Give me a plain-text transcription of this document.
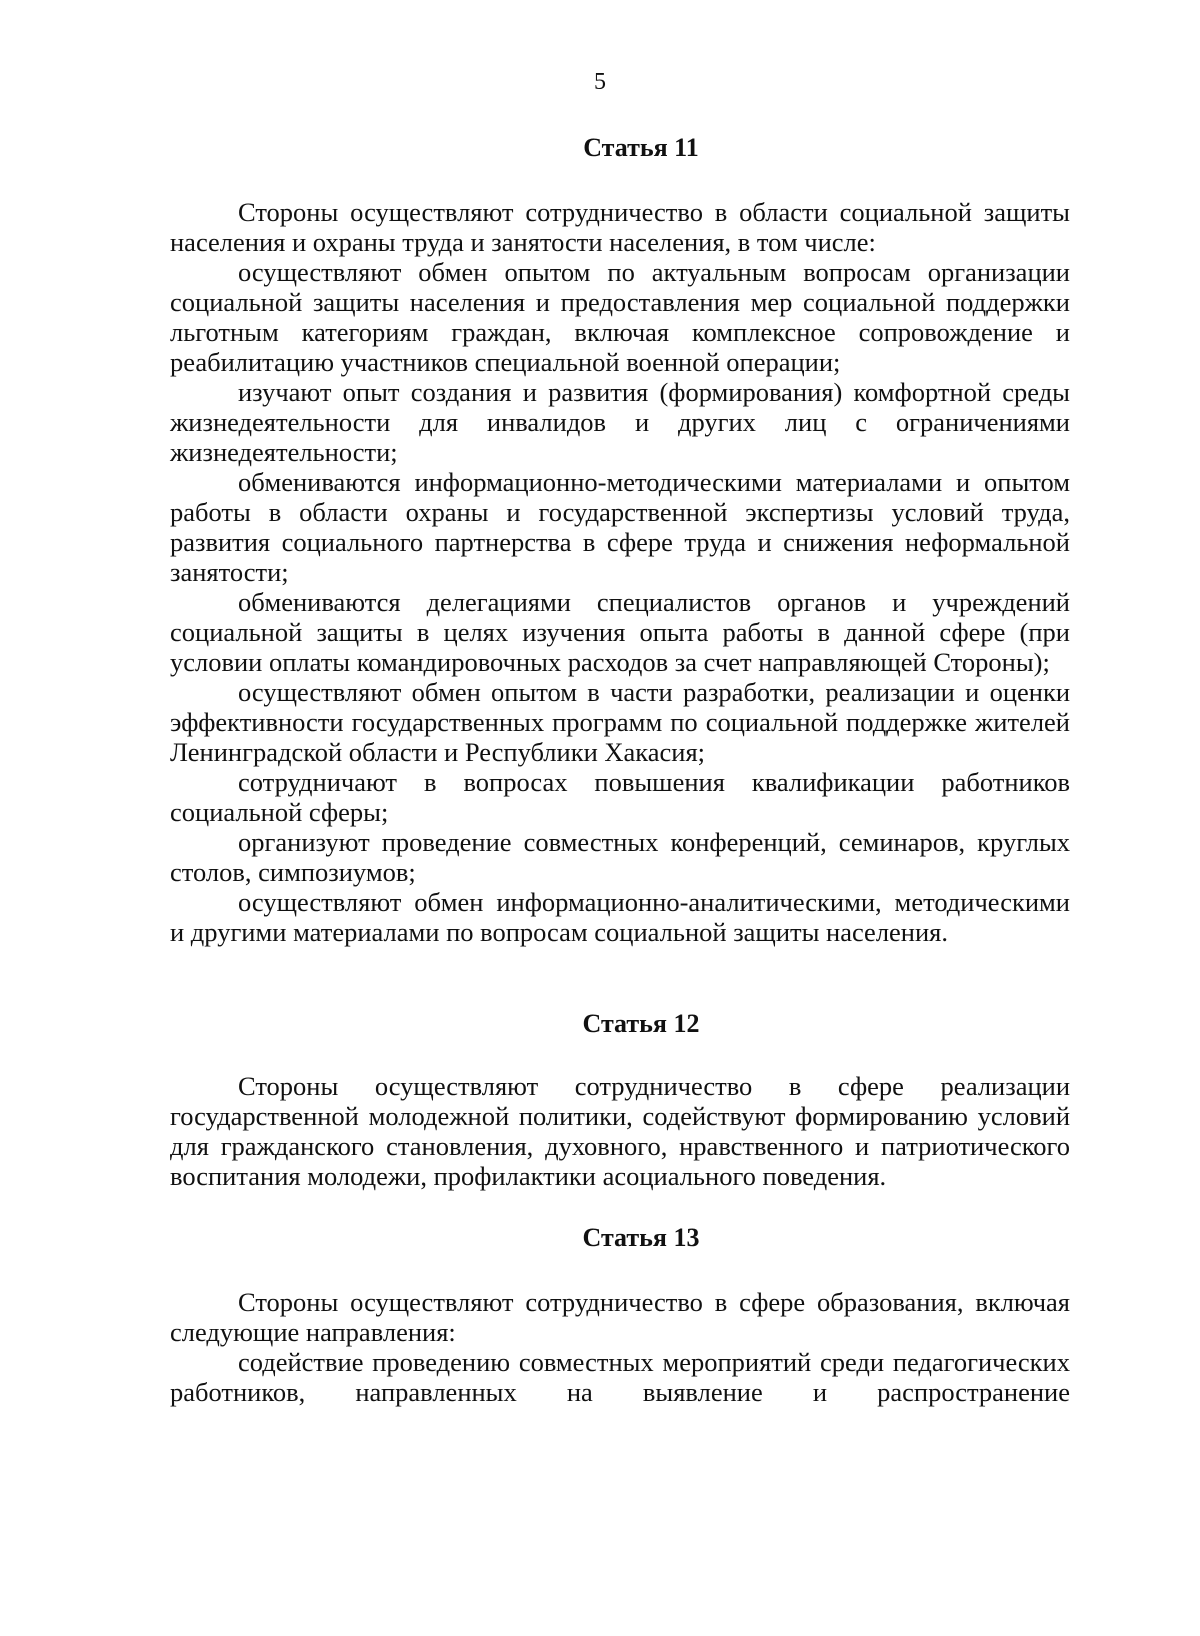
5
Статья 11

Стороны осуществляют сотрудничество в области социальной защиты населения и охраны труда и занятости населения, в том числе:

осуществляют обмен опытом по актуальным вопросам организации социальной защиты населения и предоставления мер социальной поддержки льготным категориям граждан, включая комплексное сопровождение и реабилитацию участников специальной военной операции;

изучают опыт создания и развития (формирования) комфортной среды жизнедеятельности для инвалидов и других лиц с ограничениями жизнедеятельности;

обмениваются информационно-методическими материалами и опытом работы в области охраны и государственной экспертизы условий труда, развития социального партнерства в сфере труда и снижения неформальной занятости;

обмениваются делегациями специалистов органов и учреждений социальной защиты в целях изучения опыта работы в данной сфере (при условии оплаты командировочных расходов за счет направляющей Стороны);

осуществляют обмен опытом в части разработки, реализации и оценки эффективности государственных программ по социальной поддержке жителей Ленинградской области и Республики Хакасия;

сотрудничают в вопросах повышения квалификации работников социальной сферы;

организуют проведение совместных конференций, семинаров, круглых столов, симпозиумов;

осуществляют обмен информационно-аналитическими, методическими и другими материалами по вопросам социальной защиты населения.

Статья 12

Стороны осуществляют сотрудничество в сфере реализации государственной молодежной политики, содействуют формированию условий для гражданского становления, духовного, нравственного и патриотического воспитания молодежи, профилактики асоциального поведения.

Статья 13

Стороны осуществляют сотрудничество в сфере образования, включая следующие направления:

содействие проведению совместных мероприятий среди педагогических работников, направленных на выявление и распространение
